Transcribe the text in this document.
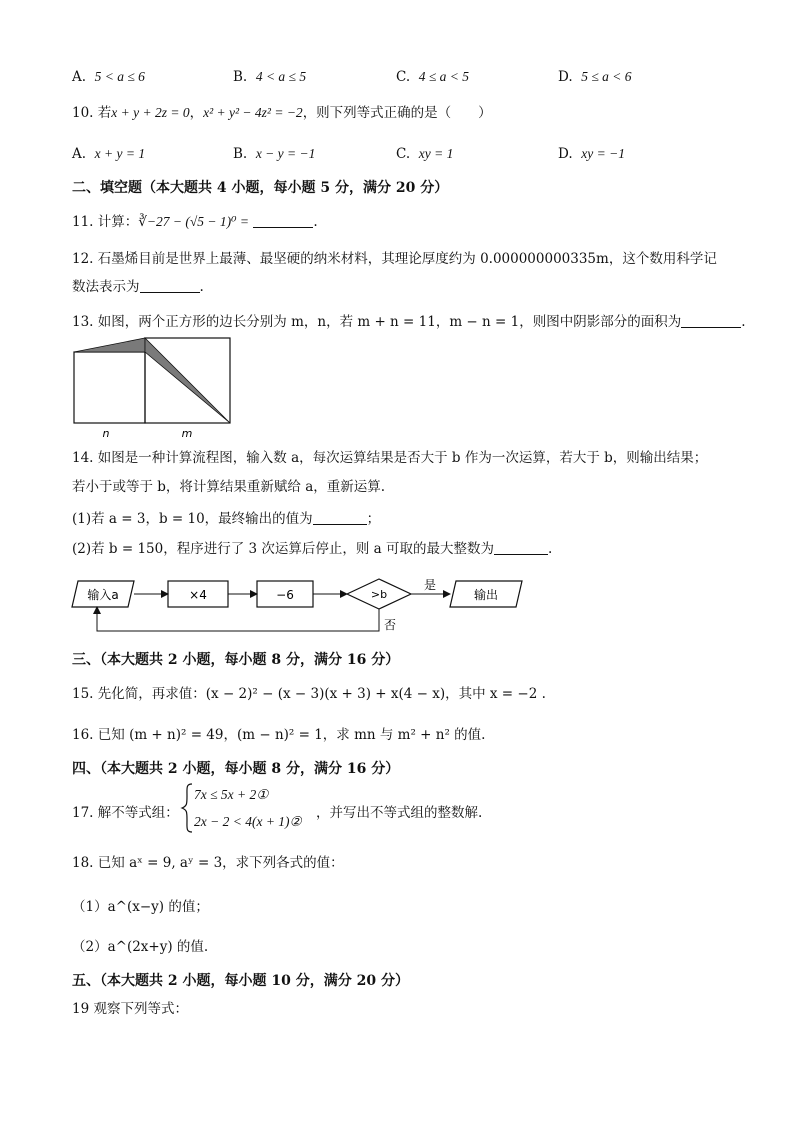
A. 5 < a ≤ 6	B. 4 < a ≤ 5	C. 4 ≤ a < 5	D. 5 ≤ a < 6
10. 若x + y + 2z = 0，x² + y² − 4z² = −2，则下列等式正确的是（　　）
A. x + y = 1	B. x − y = −1	C. xy = 1	D. xy = −1
二、填空题（本大题共 4 小题，每小题 5 分，满分 20 分）
11. 计算：∛−27 − (√5 − 1)⁰ =	.
12. 石墨烯目前是世界上最薄、最坚硬的纳米材料，其理论厚度约为 0.000000000335m，这个数用科学记
数法表示为	.
13. 如图，两个正方形的边长分别为 m，n，若 m + n = 11，m − n = 1，则图中阴影部分的面积为	.
n	m
14. 如图是一种计算流程图，输入数 a，每次运算结果是否大于 b 作为一次运算，若大于 b，则输出结果；
若小于或等于 b，将计算结果重新赋给 a，重新运算.
(1)若 a = 3，b = 10，最终输出的值为	；
(2)若 b = 150，程序进行了 3 次运算后停止，则 a 可取的最大整数为	.
输入a	×4	−6	>b
是
输出
否
三、（本大题共 2 小题，每小题 8 分，满分 16 分）
15. 先化简，再求值：(x − 2)² − (x − 3)(x + 3) + x(4 − x)，其中 x = −2 .
16. 已知 (m + n)² = 49，(m − n)² = 1，求 mn 与 m² + n² 的值.
四、（本大题共 2 小题，每小题 8 分，满分 16 分）
17. 解不等式组：
7x ≤ 5x + 2①
2x − 2 < 4(x + 1)②
，并写出不等式组的整数解.
18. 已知 aˣ = 9, aʸ = 3，求下列各式的值：
（1）a^(x−y) 的值；
（2）a^(2x+y) 的值.
五、（本大题共 2 小题，每小题 10 分，满分 20 分）
19 观察下列等式：
